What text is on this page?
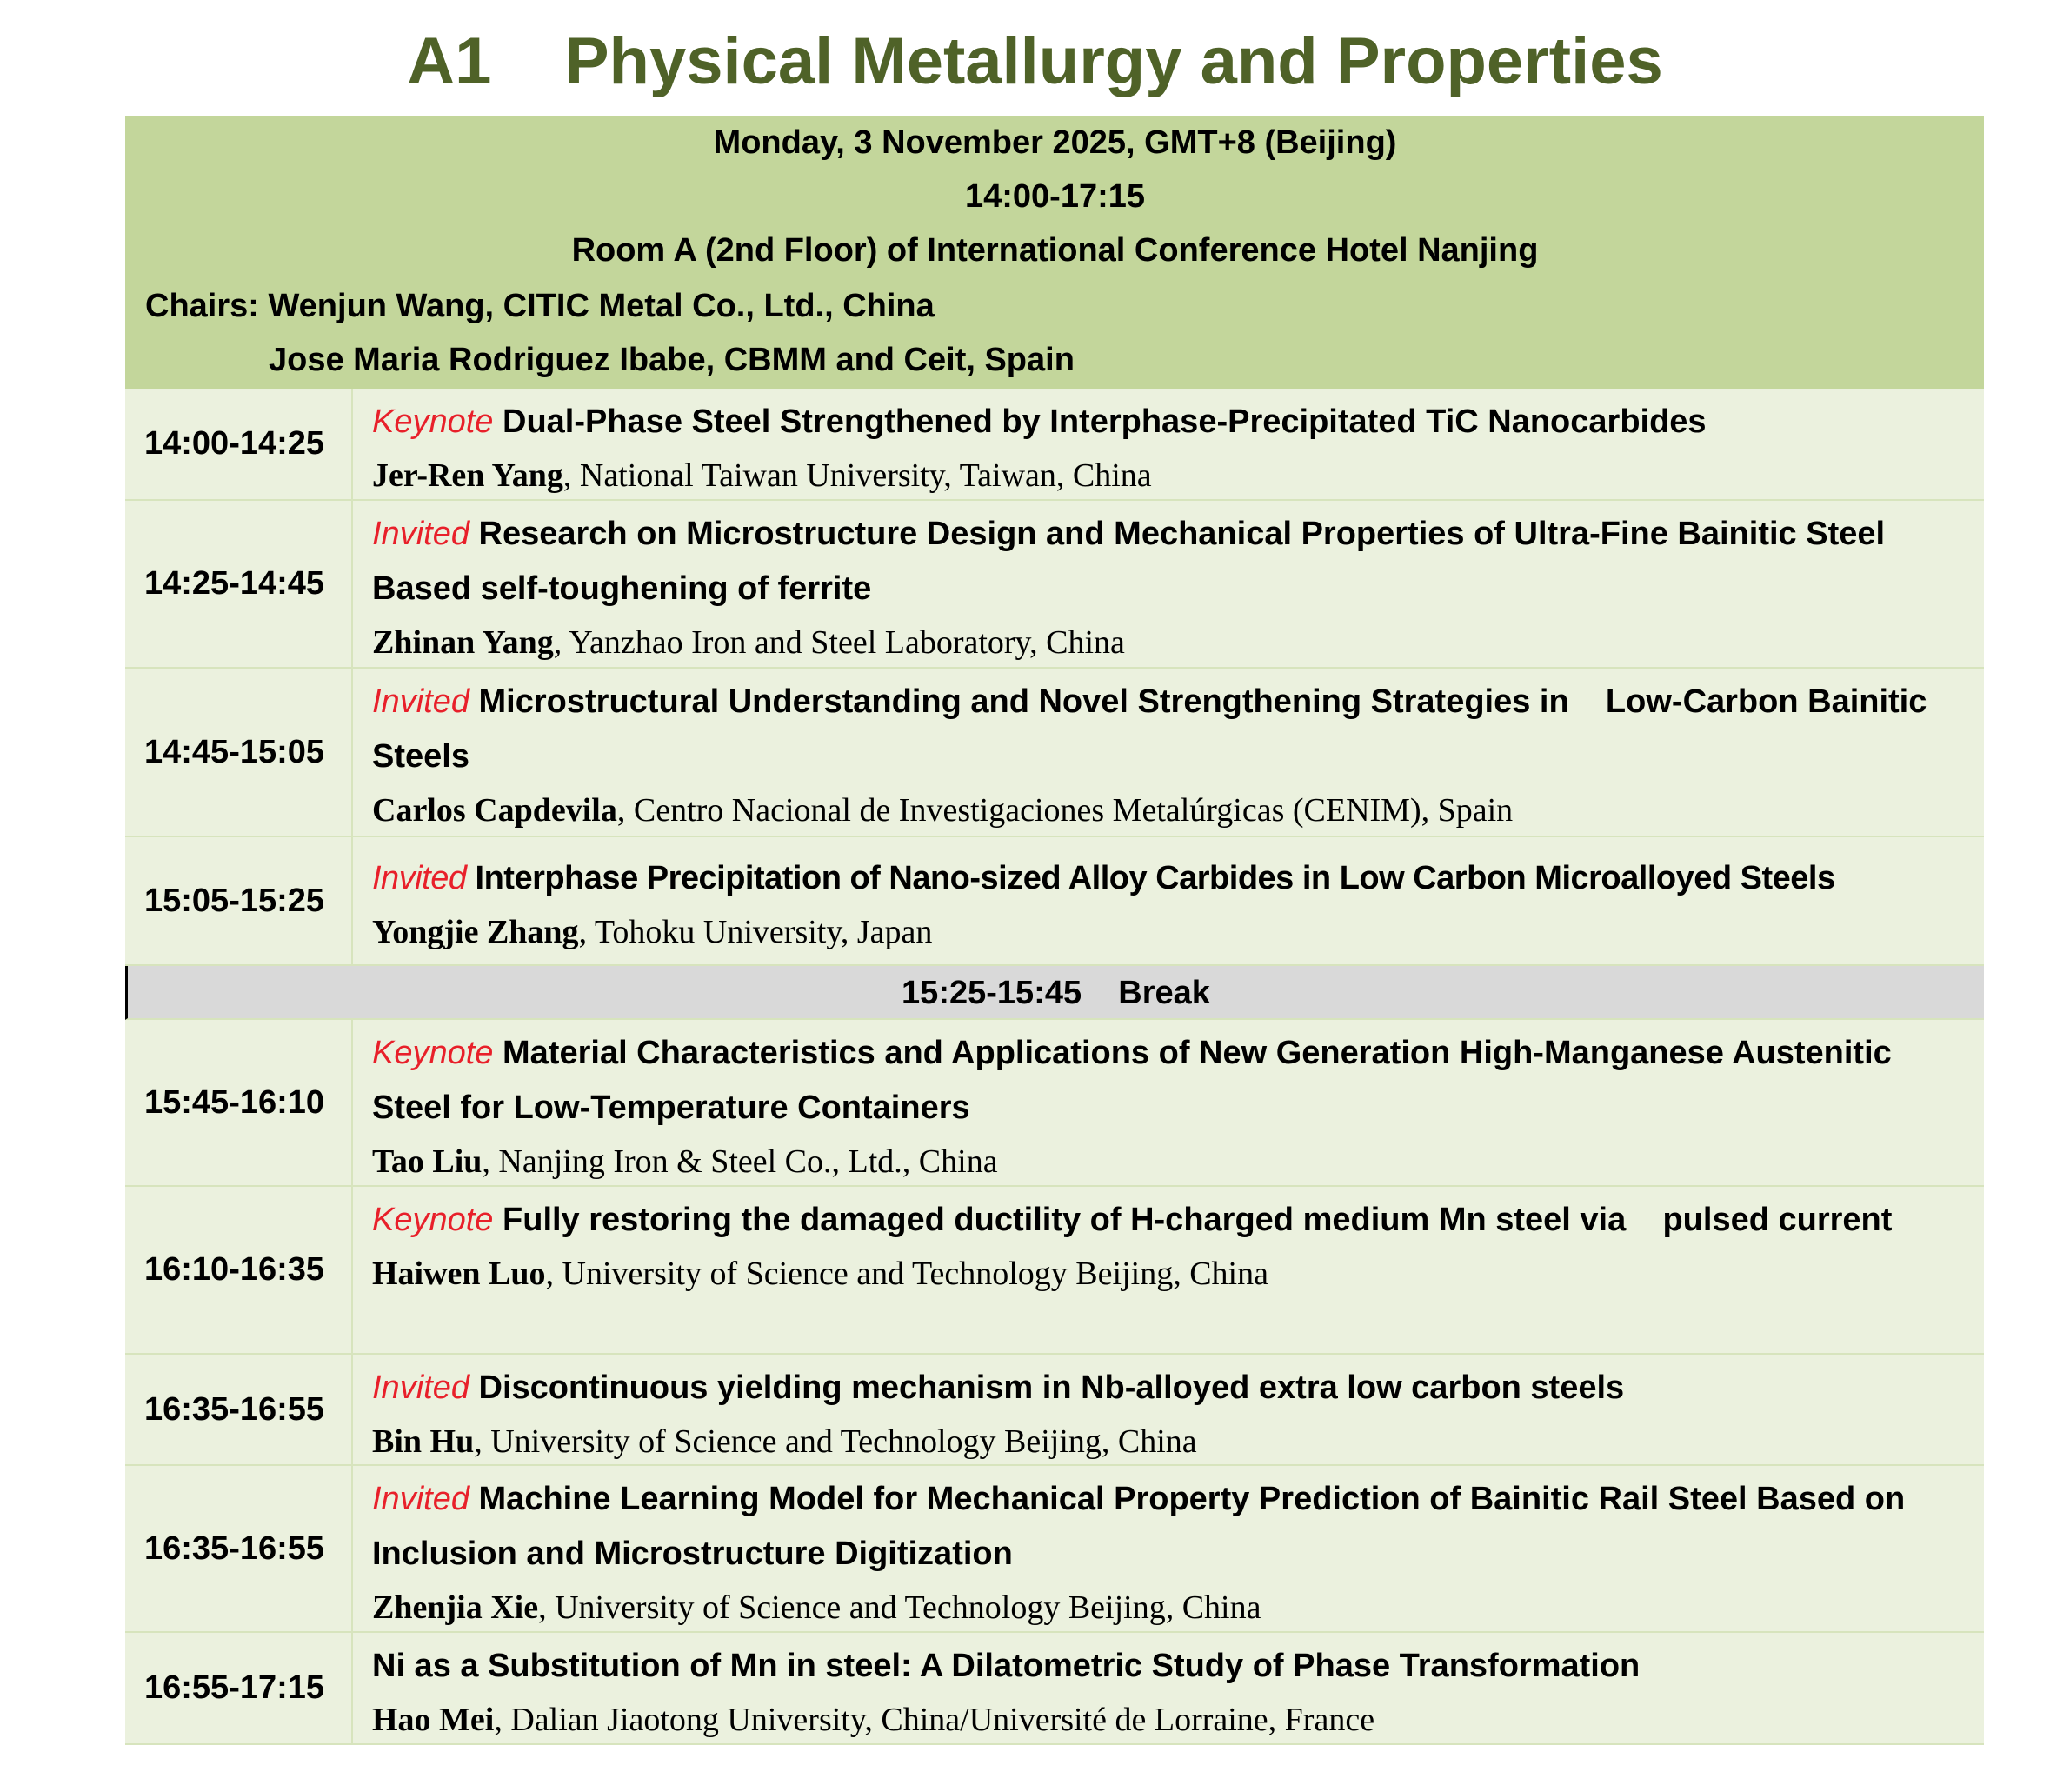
A1    Physical Metallurgy and Properties
Monday, 3 November 2025, GMT+8 (Beijing)
14:00-17:15
Room A (2nd Floor) of International Conference Hotel Nanjing
Chairs: Wenjun Wang, CITIC Metal Co., Ltd., China
Jose Maria Rodriguez Ibabe, CBMM and Ceit, Spain
14:00-14:25
Keynote Dual-Phase Steel Strengthened by Interphase-Precipitated TiC Nanocarbides
Jer-Ren Yang, National Taiwan University, Taiwan, China
14:25-14:45
Invited Research on Microstructure Design and Mechanical Properties of Ultra-Fine Bainitic Steel Based self-toughening of ferrite
Zhinan Yang, Yanzhao Iron and Steel Laboratory, China
14:45-15:05
Invited Microstructural Understanding and Novel Strengthening Strategies in    Low-Carbon Bainitic Steels
Carlos Capdevila, Centro Nacional de Investigaciones Metalúrgicas (CENIM), Spain
15:05-15:25
Invited Interphase Precipitation of Nano-sized Alloy Carbides in Low Carbon Microalloyed Steels
Yongjie Zhang, Tohoku University, Japan
15:25-15:45    Break
15:45-16:10
Keynote Material Characteristics and Applications of New Generation High-Manganese Austenitic Steel for Low-Temperature Containers
Tao Liu, Nanjing Iron & Steel Co., Ltd., China
16:10-16:35
Keynote Fully restoring the damaged ductility of H-charged medium Mn steel via    pulsed current
Haiwen Luo, University of Science and Technology Beijing, China
16:35-16:55
Invited Discontinuous yielding mechanism in Nb-alloyed extra low carbon steels
Bin Hu, University of Science and Technology Beijing, China
16:35-16:55
Invited Machine Learning Model for Mechanical Property Prediction of Bainitic Rail Steel Based on Inclusion and Microstructure Digitization
Zhenjia Xie, University of Science and Technology Beijing, China
16:55-17:15
Ni as a Substitution of Mn in steel: A Dilatometric Study of Phase Transformation
Hao Mei, Dalian Jiaotong University, China/Université de Lorraine, France
